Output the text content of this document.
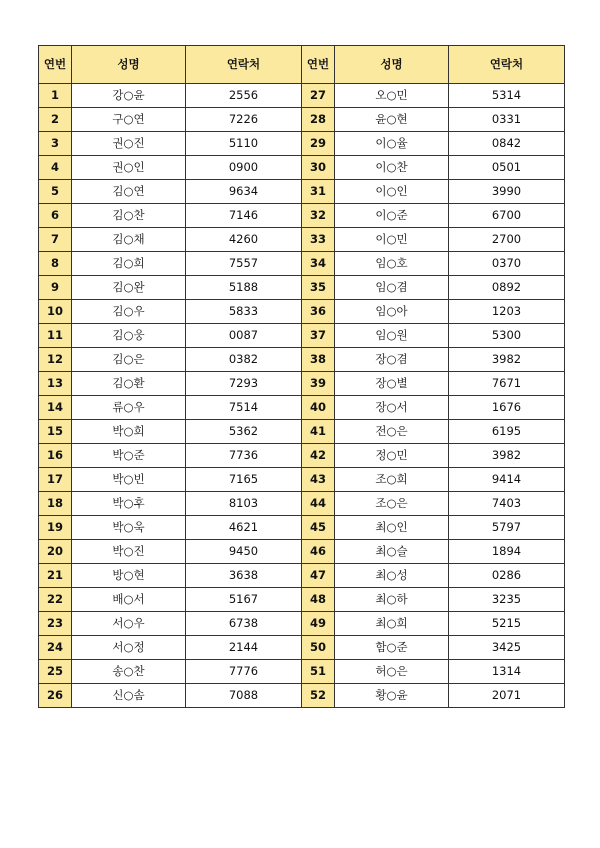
연번	성명	연락처	연번	성명	연락처
1	강○윤	2556	27	오○민	5314
2	구○연	7226	28	윤○현	0331
3	권○진	5110	29	이○율	0842
4	권○인	0900	30	이○찬	0501
5	김○연	9634	31	이○인	3990
6	김○찬	7146	32	이○준	6700
7	김○채	4260	33	이○민	2700
8	김○희	7557	34	임○호	0370
9	김○완	5188	35	임○겸	0892
10	김○우	5833	36	임○아	1203
11	김○웅	0087	37	임○원	5300
12	김○은	0382	38	장○겸	3982
13	김○환	7293	39	장○별	7671
14	류○우	7514	40	장○서	1676
15	박○희	5362	41	전○은	6195
16	박○준	7736	42	정○민	3982
17	박○빈	7165	43	조○희	9414
18	박○후	8103	44	조○은	7403
19	박○욱	4621	45	최○인	5797
20	박○진	9450	46	최○슬	1894
21	방○현	3638	47	최○성	0286
22	배○서	5167	48	최○하	3235
23	서○우	6738	49	최○희	5215
24	서○정	2144	50	함○준	3425
25	송○찬	7776	51	허○은	1314
26	신○솜	7088	52	황○윤	2071
